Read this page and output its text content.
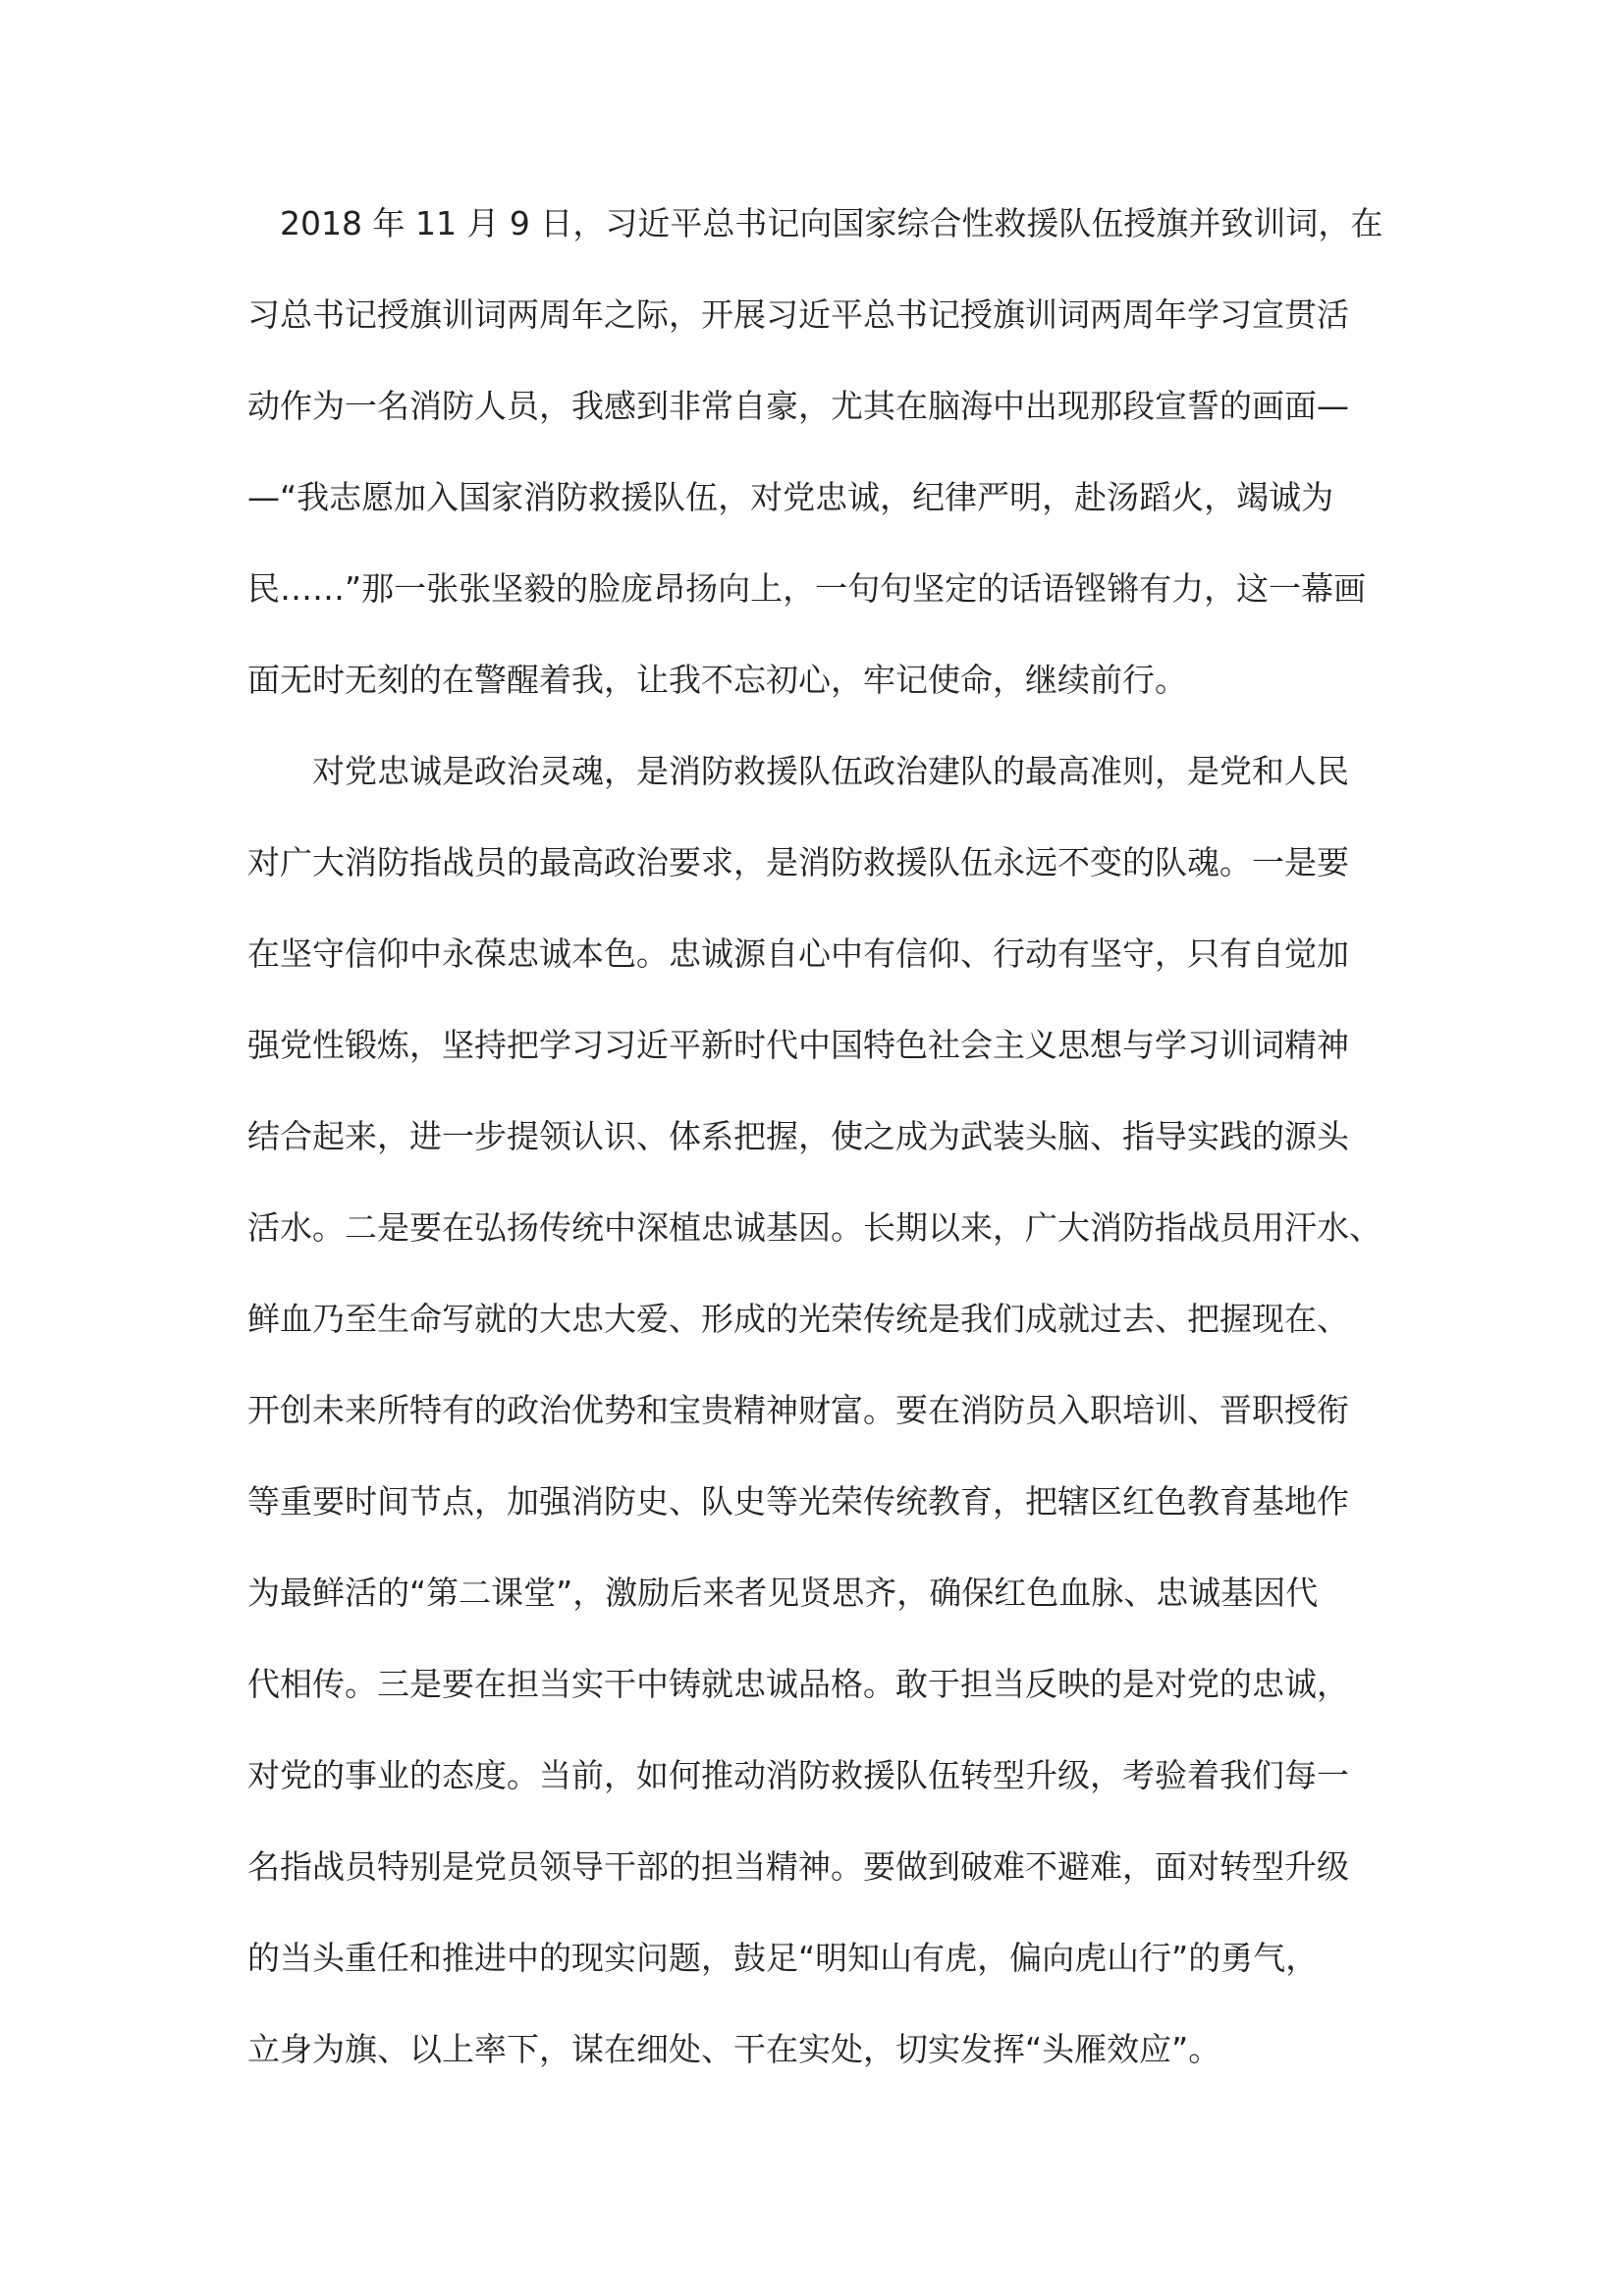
2018 年 11 月 9 日，习近平总书记向国家综合性救援队伍授旗并致训词，在
习总书记授旗训词两周年之际，开展习近平总书记授旗训词两周年学习宣贯活
动作为一名消防人员，我感到非常自豪，尤其在脑海中出现那段宣誓的画面—
—“我志愿加入国家消防救援队伍，对党忠诚，纪律严明，赴汤蹈火，竭诚为
民……”那一张张坚毅的脸庞昂扬向上，一句句坚定的话语铿锵有力，这一幕画
面无时无刻的在警醒着我，让我不忘初心，牢记使命，继续前行。
对党忠诚是政治灵魂，是消防救援队伍政治建队的最高准则，是党和人民
对广大消防指战员的最高政治要求，是消防救援队伍永远不变的队魂。一是要
在坚守信仰中永葆忠诚本色。忠诚源自心中有信仰、行动有坚守，只有自觉加
强党性锻炼，坚持把学习习近平新时代中国特色社会主义思想与学习训词精神
结合起来，进一步提领认识、体系把握，使之成为武装头脑、指导实践的源头
活水。二是要在弘扬传统中深植忠诚基因。长期以来，广大消防指战员用汗水、
鲜血乃至生命写就的大忠大爱、形成的光荣传统是我们成就过去、把握现在、
开创未来所特有的政治优势和宝贵精神财富。要在消防员入职培训、晋职授衔
等重要时间节点，加强消防史、队史等光荣传统教育，把辖区红色教育基地作
为最鲜活的“第二课堂”，激励后来者见贤思齐，确保红色血脉、忠诚基因代
代相传。三是要在担当实干中铸就忠诚品格。敢于担当反映的是对党的忠诚，
对党的事业的态度。当前，如何推动消防救援队伍转型升级，考验着我们每一
名指战员特别是党员领导干部的担当精神。要做到破难不避难，面对转型升级
的当头重任和推进中的现实问题，鼓足“明知山有虎，偏向虎山行”的勇气，
立身为旗、以上率下，谋在细处、干在实处，切实发挥“头雁效应”。
